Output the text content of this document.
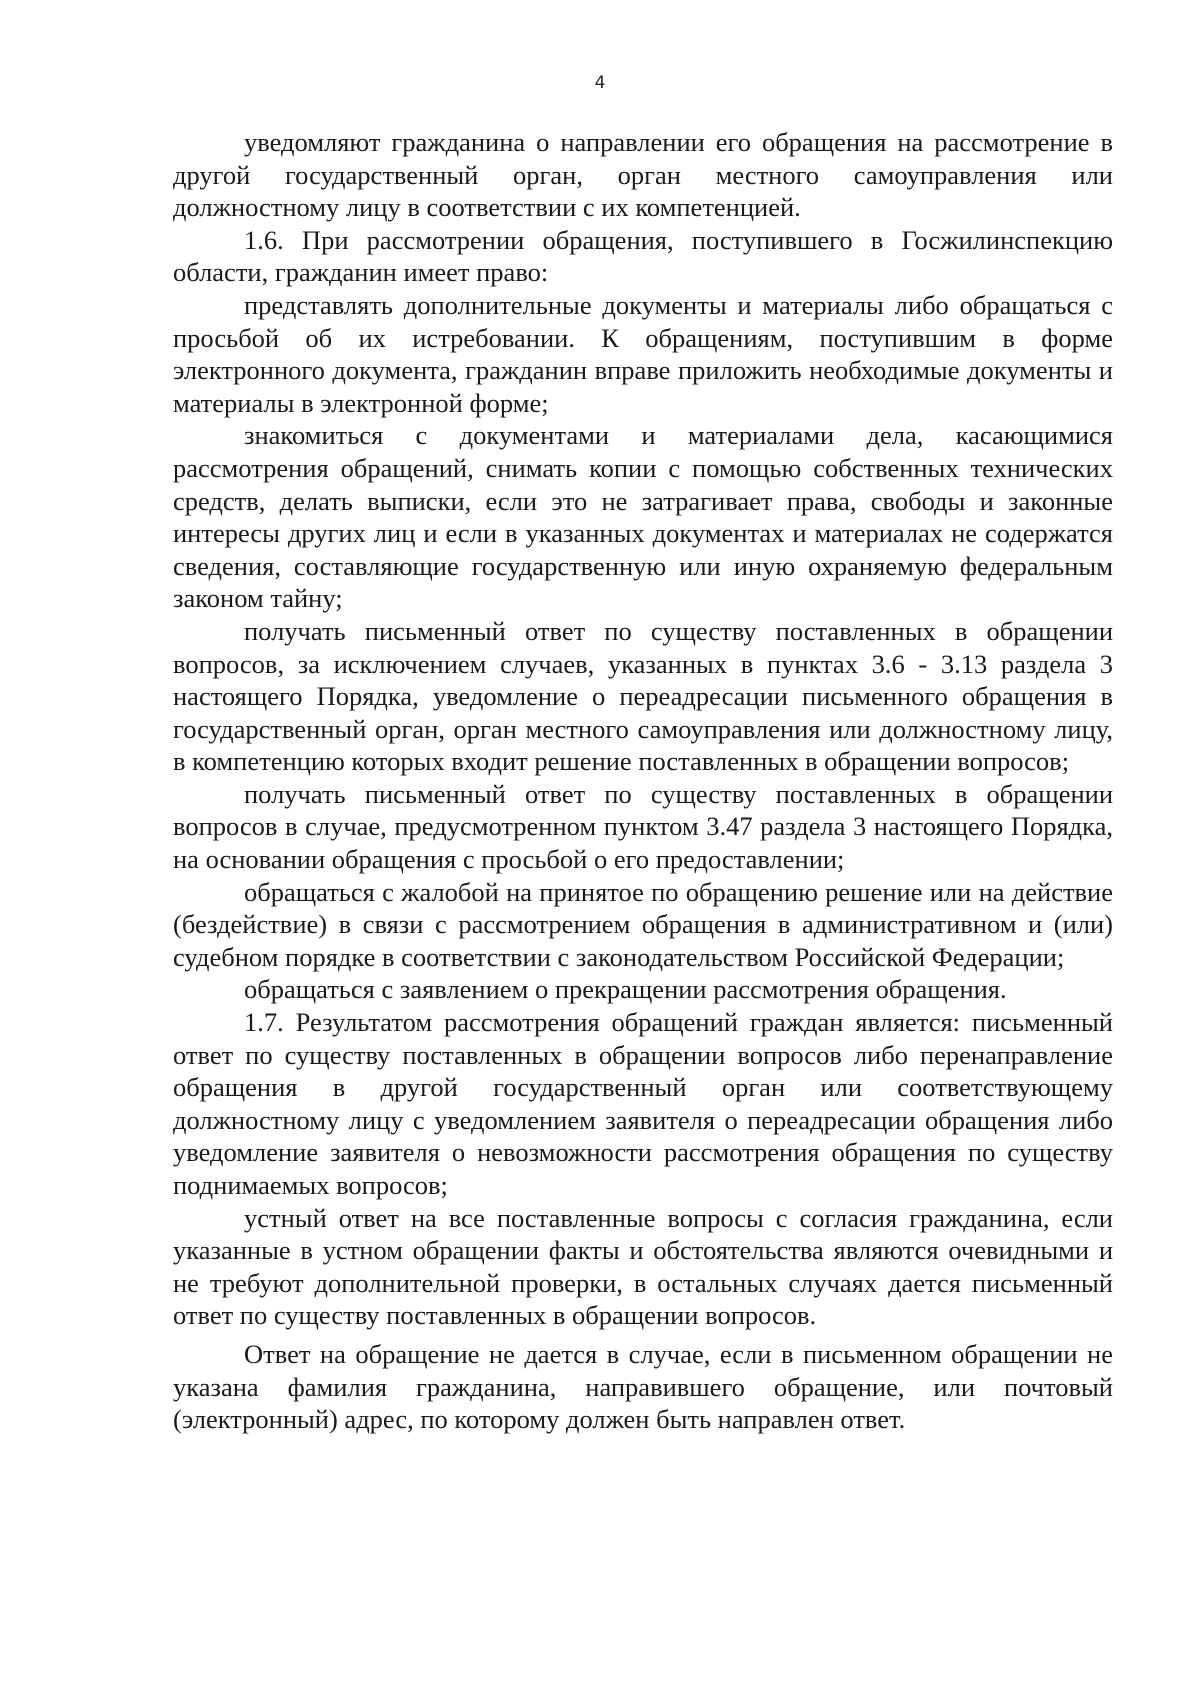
4

уведомляют гражданина о направлении его обращения на рассмотрение в другой государственный орган, орган местного самоуправления или должностному лицу в соответствии с их компетенцией.

1.6. При рассмотрении обращения, поступившего в Госжилинспекцию области, гражданин имеет право:

представлять дополнительные документы и материалы либо обращаться с просьбой об их истребовании. К обращениям, поступившим в форме электронного документа, гражданин вправе приложить необходимые документы и материалы в электронной форме;

знакомиться с документами и материалами дела, касающимися рассмотрения обращений, снимать копии с помощью собственных технических средств, делать выписки, если это не затрагивает права, свободы и законные интересы других лиц и если в указанных документах и материалах не содержатся сведения, составляющие государственную или иную охраняемую федеральным законом тайну;

получать письменный ответ по существу поставленных в обращении вопросов, за исключением случаев, указанных в пунктах 3.6 - 3.13 раздела 3 настоящего Порядка, уведомление о переадресации письменного обращения в государственный орган, орган местного самоуправления или должностному лицу, в компетенцию которых входит решение поставленных в обращении вопросов;

получать письменный ответ по существу поставленных в обращении вопросов в случае, предусмотренном пунктом 3.47 раздела 3 настоящего Порядка, на основании обращения с просьбой о его предоставлении;

обращаться с жалобой на принятое по обращению решение или на действие (бездействие) в связи с рассмотрением обращения в административном и (или) судебном порядке в соответствии с законодательством Российской Федерации;

обращаться с заявлением о прекращении рассмотрения обращения.

1.7. Результатом рассмотрения обращений граждан является: письменный ответ по существу поставленных в обращении вопросов либо перенаправление обращения в другой государственный орган или соответствующему должностному лицу с уведомлением заявителя о переадресации обращения либо уведомление заявителя о невозможности рассмотрения обращения по существу поднимаемых вопросов;

устный ответ на все поставленные вопросы с согласия гражданина, если указанные в устном обращении факты и обстоятельства являются очевидными и не требуют дополнительной проверки, в остальных случаях дается письменный ответ по существу поставленных в обращении вопросов.

Ответ на обращение не дается в случае, если в письменном обращении не указана фамилия гражданина, направившего обращение, или почтовый (электронный) адрес, по которому должен быть направлен ответ.
